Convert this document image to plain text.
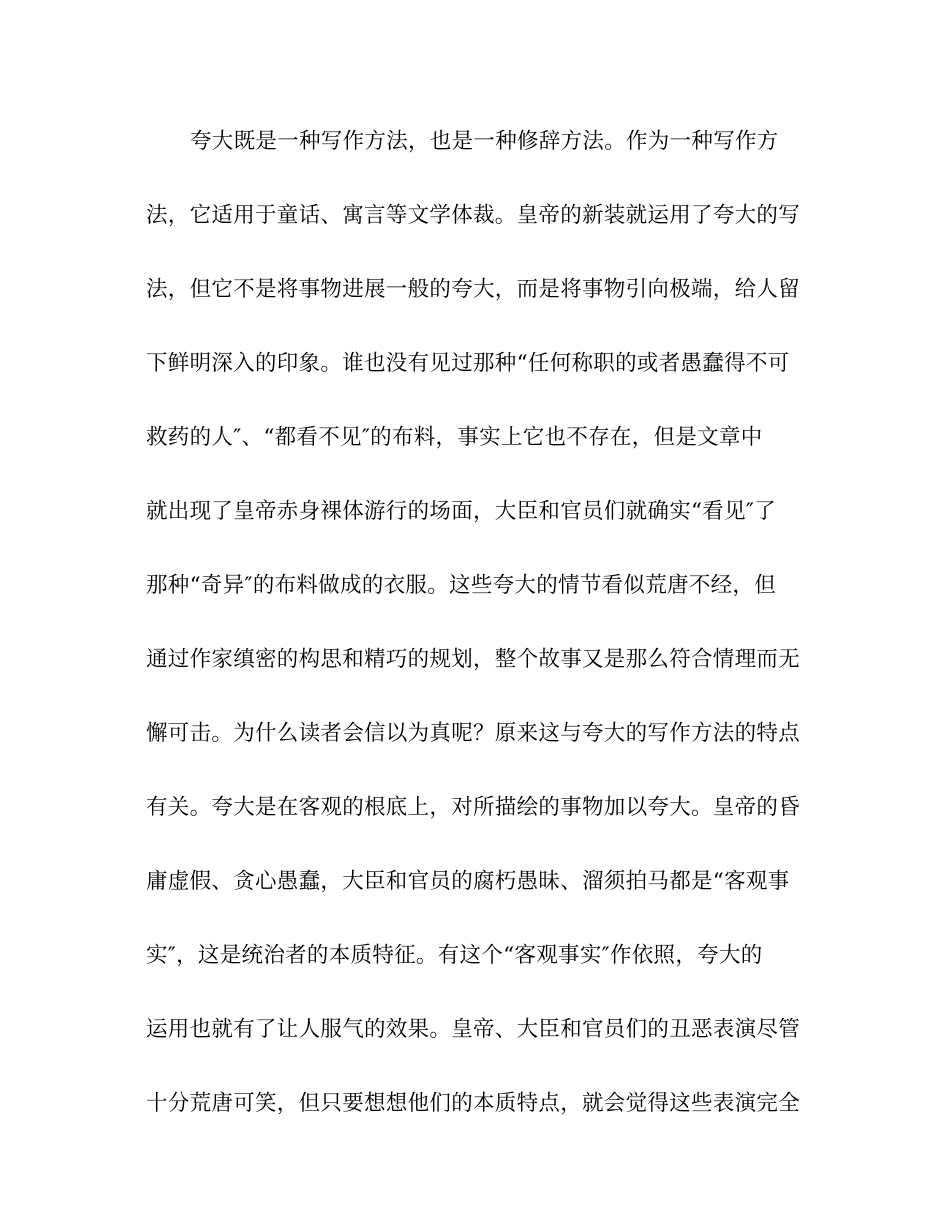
夸大既是一种写作方法，也是一种修辞方法。作为一种写作方
法，它适用于童话、寓言等文学体裁。皇帝的新装就运用了夸大的写
法，但它不是将事物进展一般的夸大，而是将事物引向极端，给人留
下鲜明深入的印象。谁也没有见过那种“任何称职的或者愚蠢得不可
救药的人″、“都看不见″的布料，事实上它也不存在，但是文章中
就出现了皇帝赤身裸体游行的场面，大臣和官员们就确实“看见″了
那种“奇异″的布料做成的衣服。这些夸大的情节看似荒唐不经，但
通过作家缜密的构思和精巧的规划，整个故事又是那么符合情理而无
懈可击。为什么读者会信以为真呢？原来这与夸大的写作方法的特点
有关。夸大是在客观的根底上，对所描绘的事物加以夸大。皇帝的昏
庸虚假、贪心愚蠢，大臣和官员的腐朽愚昧、溜须拍马都是“客观事
实″，这是统治者的本质特征。有这个“客观事实″作依照，夸大的
运用也就有了让人服气的效果。皇帝、大臣和官员们的丑恶表演尽管
十分荒唐可笑，但只要想想他们的本质特点，就会觉得这些表演完全
